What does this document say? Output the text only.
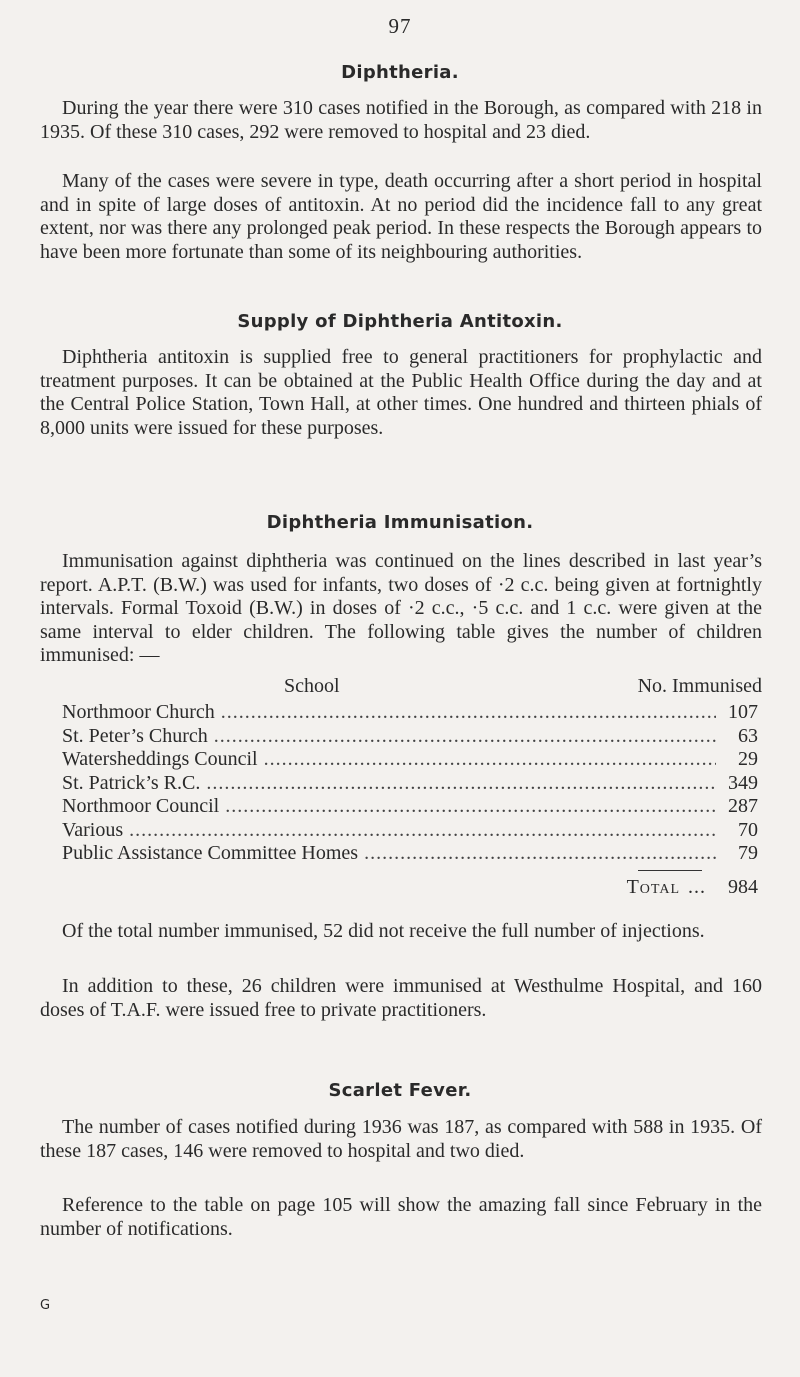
97
Diphtheria.

During the year there were 310 cases notified in the Borough, as compared with 218 in 1935. Of these 310 cases, 292 were removed to hospital and 23 died.

Many of the cases were severe in type, death occurring after a short period in hospital and in spite of large doses of antitoxin. At no period did the incidence fall to any great extent, nor was there any prolonged peak period. In these respects the Borough appears to have been more fortunate than some of its neighbouring authorities.

Supply of Diphtheria Antitoxin.

Diphtheria antitoxin is supplied free to general practitioners for prophylactic and treatment purposes. It can be obtained at the Public Health Office during the day and at the Central Police Station, Town Hall, at other times. One hundred and thirteen phials of 8,000 units were issued for these purposes.

Diphtheria Immunisation.

Immunisation against diphtheria was continued on the lines described in last year’s report. A.P.T. (B.W.) was used for infants, two doses of ·2 c.c. being given at fortnightly intervals. Formal Toxoid (B.W.) in doses of ·2 c.c., ·5 c.c. and 1 c.c. were given at the same interval to elder children. The following table gives the number of children immunised: —

School	No. Immunised
Northmoor Church .....	107
St. Peter’s Church .....	63
Watersheddings Council .....	29
St. Patrick’s R.C. .....	349
Northmoor Council .....	287
Various .....	70
Public Assistance Committee Homes .....	79
Total ...	984

Of the total number immunised, 52 did not receive the full number of injections.

In addition to these, 26 children were immunised at Westhulme Hospital, and 160 doses of T.A.F. were issued free to private practitioners.

Scarlet Fever.

The number of cases notified during 1936 was 187, as compared with 588 in 1935. Of these 187 cases, 146 were removed to hospital and two died.

Reference to the table on page 105 will show the amazing fall since February in the number of notifications.

G
